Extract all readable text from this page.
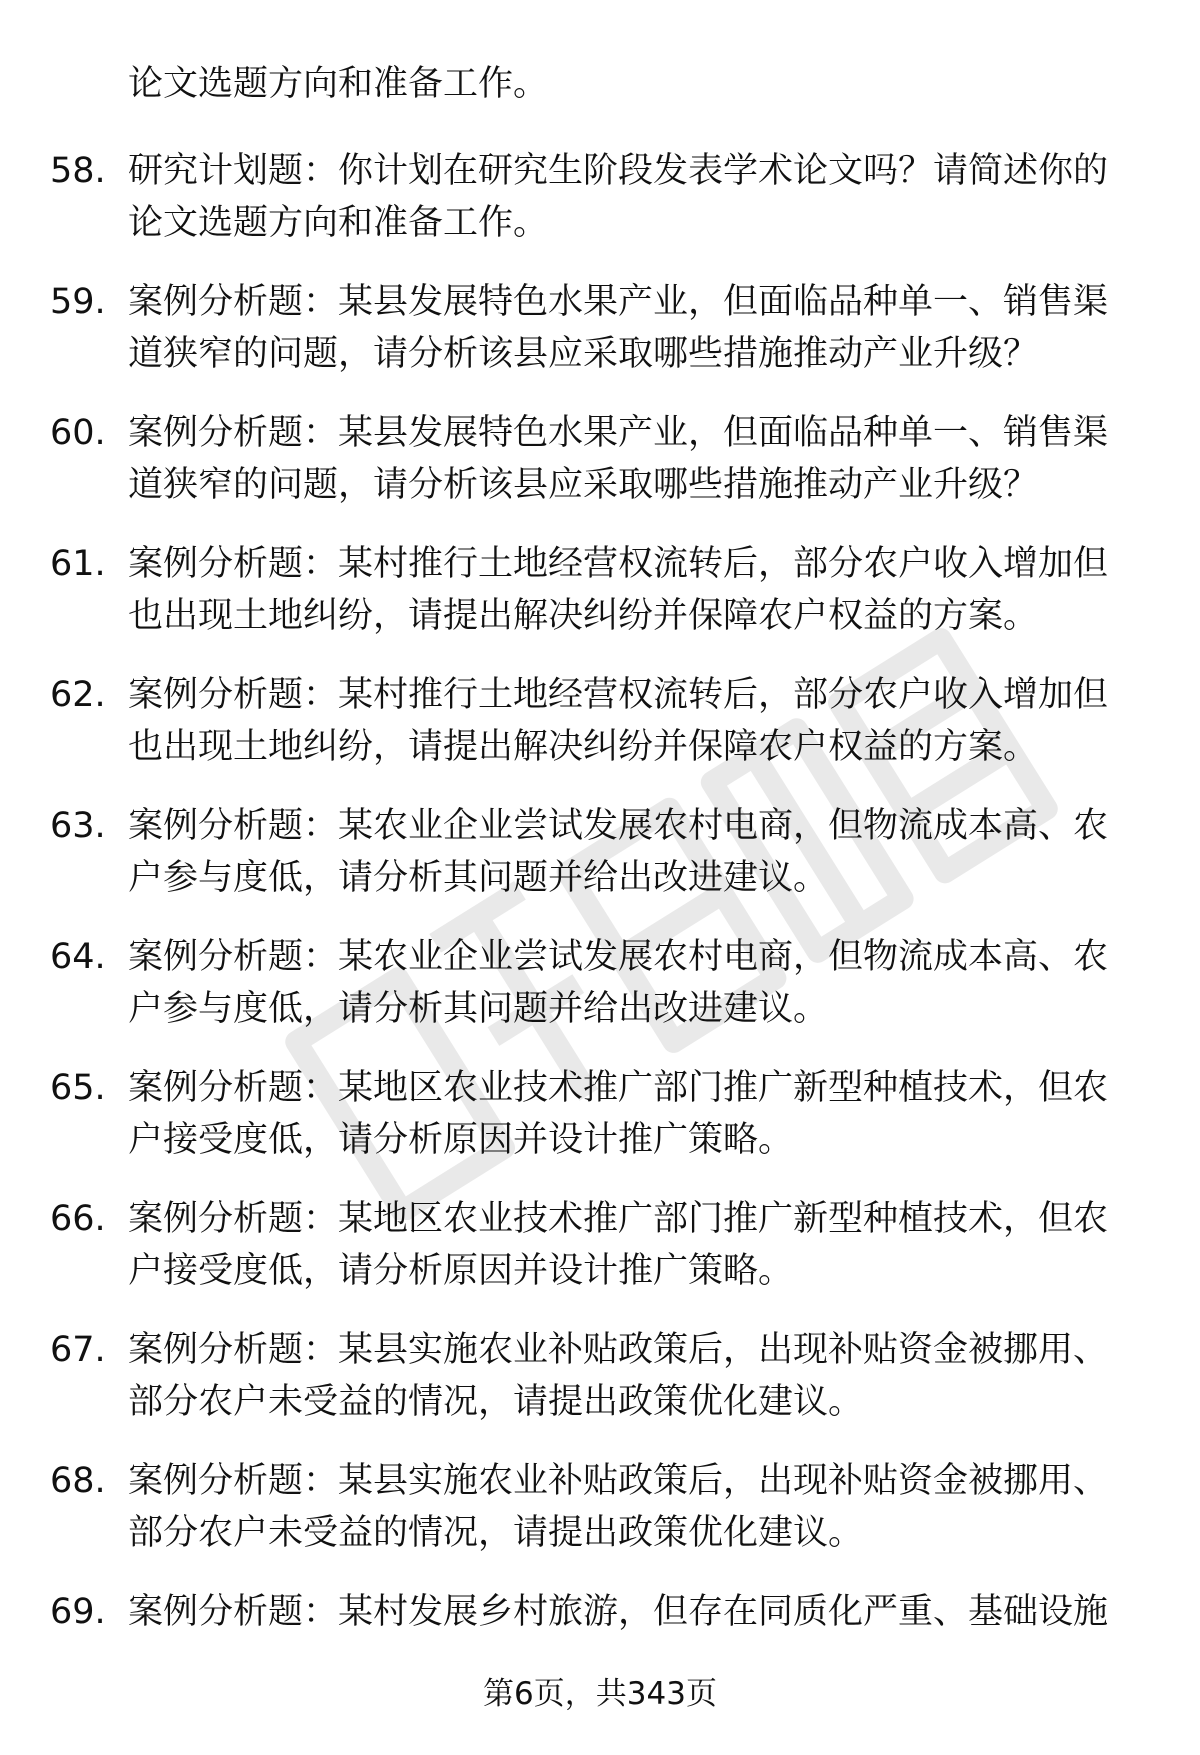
论文选题方向和准备工作。

58. 研究计划题：你计划在研究生阶段发表学术论文吗？请简述你的
论文选题方向和准备工作。
59. 案例分析题：某县发展特色水果产业，但面临品种单一、销售渠
道狭窄的问题，请分析该县应采取哪些措施推动产业升级？
60. 案例分析题：某县发展特色水果产业，但面临品种单一、销售渠
道狭窄的问题，请分析该县应采取哪些措施推动产业升级？
61. 案例分析题：某村推行土地经营权流转后，部分农户收入增加但
也出现土地纠纷，请提出解决纠纷并保障农户权益的方案。
62. 案例分析题：某村推行土地经营权流转后，部分农户收入增加但
也出现土地纠纷，请提出解决纠纷并保障农户权益的方案。
63. 案例分析题：某农业企业尝试发展农村电商，但物流成本高、农
户参与度低，请分析其问题并给出改进建议。
64. 案例分析题：某农业企业尝试发展农村电商，但物流成本高、农
户参与度低，请分析其问题并给出改进建议。
65. 案例分析题：某地区农业技术推广部门推广新型种植技术，但农
户接受度低，请分析原因并设计推广策略。
66. 案例分析题：某地区农业技术推广部门推广新型种植技术，但农
户接受度低，请分析原因并设计推广策略。
67. 案例分析题：某县实施农业补贴政策后，出现补贴资金被挪用、
部分农户未受益的情况，请提出政策优化建议。
68. 案例分析题：某县实施农业补贴政策后，出现补贴资金被挪用、
部分农户未受益的情况，请提出政策优化建议。
69. 案例分析题：某村发展乡村旅游，但存在同质化严重、基础设施
第6页，共343页
